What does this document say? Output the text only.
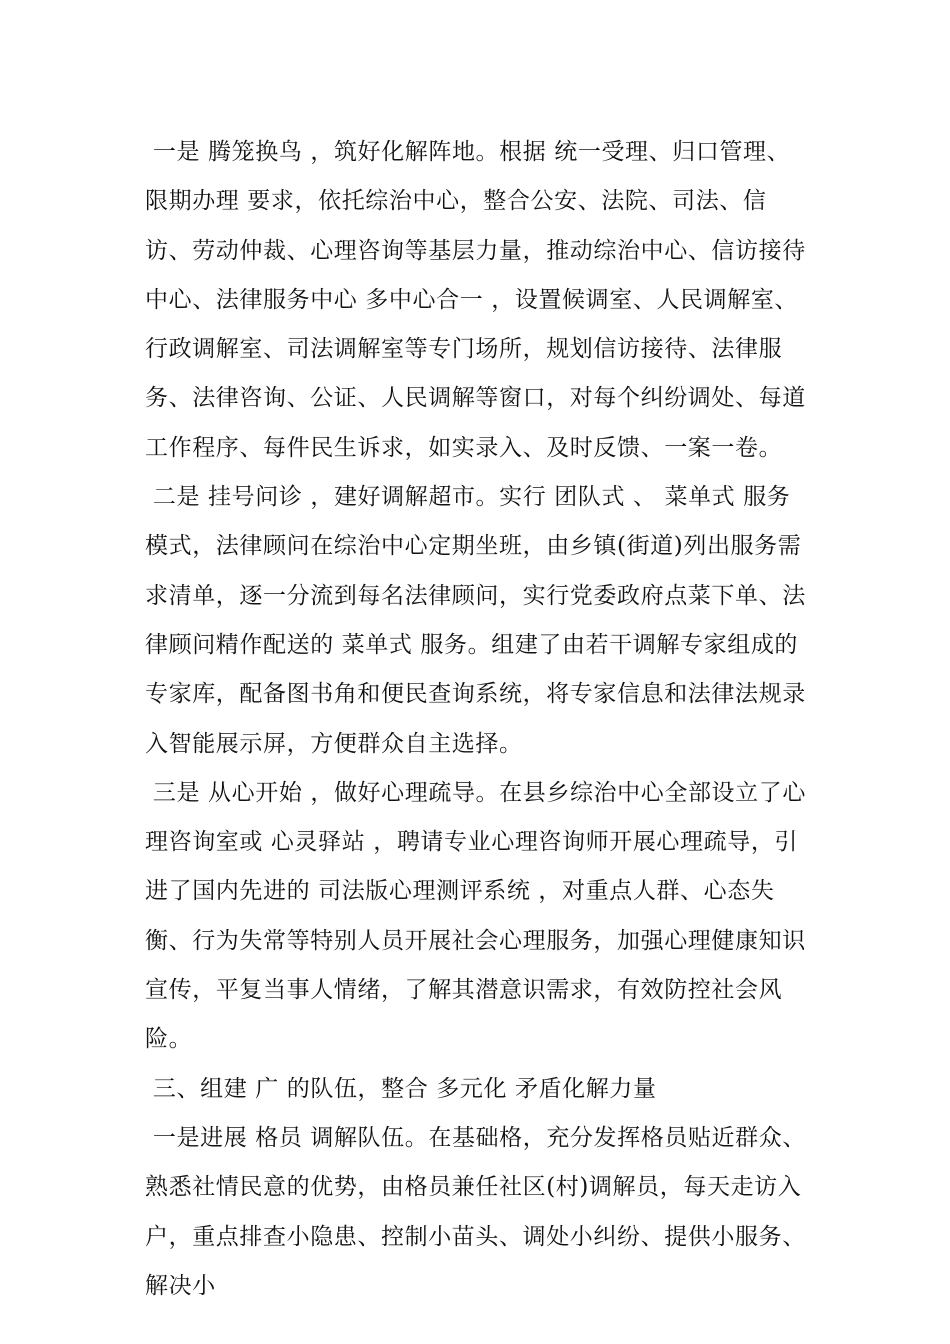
一是 腾笼换鸟 ，筑好化解阵地。根据 统一受理、归口管理、限期办理 要求，依托综治中心，整合公安、法院、司法、信访、劳动仲裁、心理咨询等基层力量，推动综治中心、信访接待中心、法律服务中心 多中心合一 ，设置候调室、人民调解室、行政调解室、司法调解室等专门场所，规划信访接待、法律服务、法律咨询、公证、人民调解等窗口，对每个纠纷调处、每道工作程序、每件民生诉求，如实录入、及时反馈、一案一卷。

二是 挂号问诊 ，建好调解超市。实行 团队式 、 菜单式 服务模式，法律顾问在综治中心定期坐班，由乡镇(街道)列出服务需求清单，逐一分流到每名法律顾问，实行党委政府点菜下单、法律顾问精作配送的 菜单式 服务。组建了由若干调解专家组成的专家库，配备图书角和便民查询系统，将专家信息和法律法规录入智能展示屏，方便群众自主选择。

三是 从心开始 ，做好心理疏导。在县乡综治中心全部设立了心理咨询室或 心灵驿站 ，聘请专业心理咨询师开展心理疏导，引进了国内先进的 司法版心理测评系统 ，对重点人群、心态失衡、行为失常等特别人员开展社会心理服务，加强心理健康知识宣传，平复当事人情绪，了解其潜意识需求，有效防控社会风险。

三、组建 广 的队伍，整合 多元化 矛盾化解力量

一是进展 格员 调解队伍。在基础格，充分发挥格员贴近群众、熟悉社情民意的优势，由格员兼任社区(村)调解员，每天走访入户，重点排查小隐患、控制小苗头、调处小纠纷、提供小服务、解决小
